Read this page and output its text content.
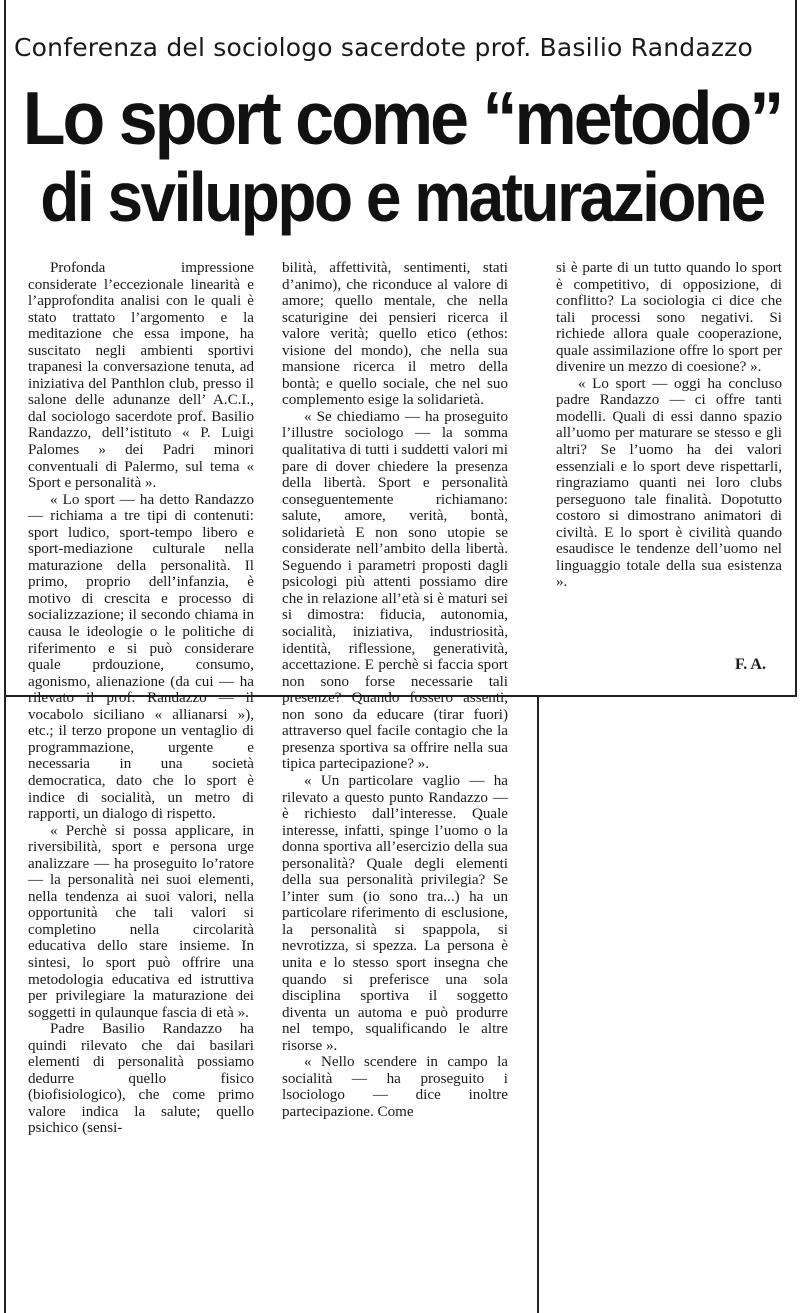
Conferenza del sociologo sacerdote prof. Basilio Randazzo
Lo sport come “metodo”
di sviluppo e maturazione

Profonda impressione considerate l’eccezionale linearità e l’approfondita analisi con le quali è stato trattato l’argomento e la meditazione che essa impone, ha suscitato negli ambienti sportivi trapanesi la conversazione tenuta, ad iniziativa del Panthlon club, presso il salone delle adunanze dell’ A.C.I., dal sociologo sacerdote prof. Basilio Randazzo, dell’istituto « P. Luigi Palomes » dei Padri minori conventuali di Palermo, sul tema « Sport e personalità ».

« Lo sport — ha detto Randazzo — richiama a tre tipi di contenuti: sport ludico, sport-tempo libero e sport-mediazione culturale nella maturazione della personalità. Il primo, proprio dell’infanzia, è motivo di crescita e processo di socializzazione; il secondo chiama in causa le ideologie o le politiche di riferimento e si può considerare quale prdouzione, consumo, agonismo, alienazione (da cui — ha rilevato il prof. Randazzo — il vocabolo siciliano « allianarsi »), etc.; il terzo propone un ventaglio di programmazione, urgente e necessaria in una società democratica, dato che lo sport è indice di socialità, un metro di rapporti, un dialogo di rispetto.

« Perchè si possa applicare, in riversibilità, sport e persona urge analizzare — ha proseguito lo’ratore — la personalità nei suoi elementi, nella tendenza ai suoi valori, nella opportunità che tali valori si completino nella circolarità educativa dello stare insieme. In sintesi, lo sport può offrire una metodologia educativa ed istruttiva per privilegiare la maturazione dei soggetti in qulaunque fascia di età ».

Padre Basilio Randazzo ha quindi rilevato che dai basilari elementi di personalità possiamo dedurre quello fisico (biofisiologico), che come primo valore indica la salute; quello psichico (sensi-

bilità, affettività, sentimenti, stati d’animo), che riconduce al valore di amore; quello mentale, che nella scaturigine dei pensieri ricerca il valore verità; quello etico (ethos: visione del mondo), che nella sua mansione ricerca il metro della bontà; e quello sociale, che nel suo complemento esige la solidarietà.

« Se chiediamo — ha proseguito l’illustre sociologo — la somma qualitativa di tutti i suddetti valori mi pare di dover chiedere la presenza della libertà. Sport e personalità conseguentemente richiamano: salute, amore, verità, bontà, solidarietà E non sono utopie se considerate nell’ambito della libertà. Seguendo i parametri proposti dagli psicologi più attenti possiamo dire che in relazione all’età si è maturi sei si dimostra: fiducia, autonomia, socialità, iniziativa, industriosità, identità, riflessione, generatività, accettazione. E perchè si faccia sport non sono forse necessarie tali presenze? Quando fossero assenti, non sono da educare (tirar fuori) attraverso quel facile contagio che la presenza sportiva sa offrire nella sua tipica partecipazione? ».

« Un particolare vaglio — ha rilevato a questo punto Randazzo — è richiesto dall’interesse. Quale interesse, infatti, spinge l’uomo o la donna sportiva all’esercizio della sua personalità? Quale degli elementi della sua personalità privilegia? Se l’inter sum (io sono tra...) ha un particolare riferimento di esclusione, la personalità si spappola, si nevrotizza, si spezza. La persona è unita e lo stesso sport insegna che quando si preferisce una sola disciplina sportiva il soggetto diventa un automa e può produrre nel tempo, squalificando le altre risorse ».

« Nello scendere in campo la socialità — ha proseguito i lsociologo — dice inoltre partecipazione. Come

si è parte di un tutto quando lo sport è competitivo, di opposizione, di conflitto? La sociologia ci dice che tali processi sono negativi. Si richiede allora quale cooperazione, quale assimilazione offre lo sport per divenire un mezzo di coesione? ».

« Lo sport — oggi ha concluso padre Randazzo — ci offre tanti modelli. Quali di essi danno spazio all’uomo per maturare se stesso e gli altri? Se l’uomo ha dei valori essenziali e lo sport deve rispettarli, ringraziamo quanti nei loro clubs perseguono tale finalità. Dopotutto costoro si dimostrano animatori di civiltà. E lo sport è civilità quando esaudisce le tendenze dell’uomo nel linguaggio totale della sua esistenza ».

F. A.
